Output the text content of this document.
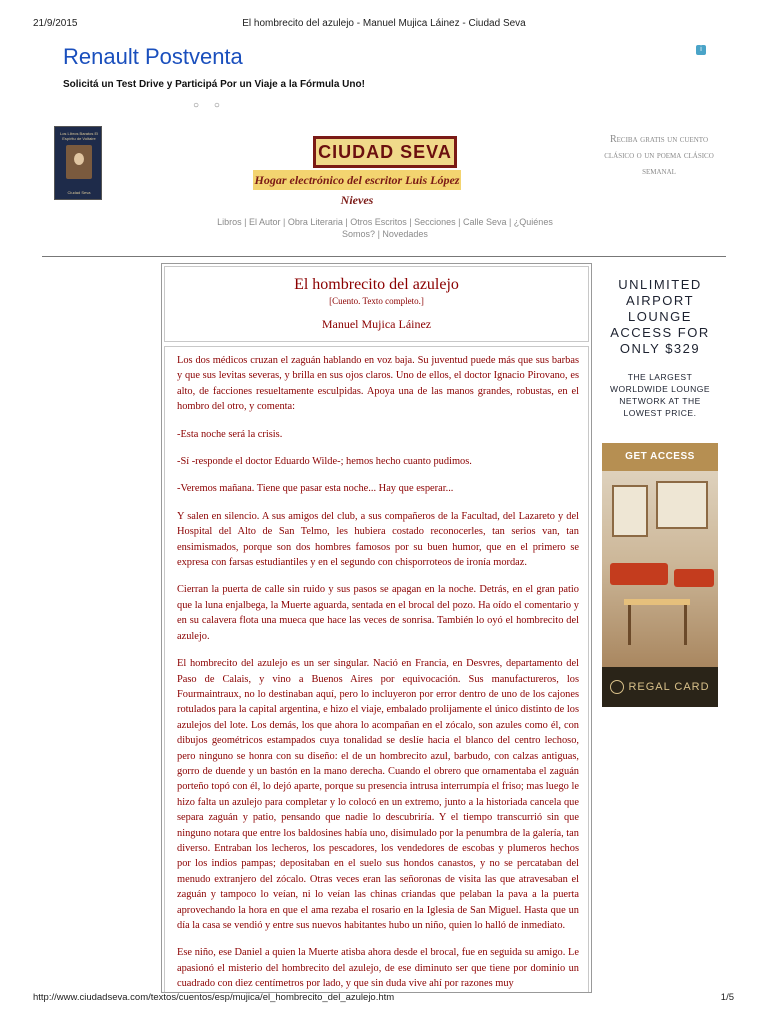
21/9/2015	El hombrecito del azulejo - Manuel Mujica Láinez - Ciudad Seva
Renault Postventa
Solicitá un Test Drive y Participá Por un Viaje a la Fórmula Uno!
○ ○
i
Los Libros Baratos El Espíritu de Voltaire
Ciudad Seva
CIUDAD SEVA
Hogar electrónico del escritor Luis López Nieves
Reciba gratis un cuento clásico o un poema clásico semanal
Libros | El Autor | Obra Literaria | Otros Escritos | Secciones | Calle Seva | ¿Quiénes Somos? | Novedades
El hombrecito del azulejo
[Cuento. Texto completo.]
Manuel Mujica Láinez

Los dos médicos cruzan el zaguán hablando en voz baja. Su juventud puede más que sus barbas y que sus levitas severas, y brilla en sus ojos claros. Uno de ellos, el doctor Ignacio Pirovano, es alto, de facciones resueltamente esculpidas. Apoya una de las manos grandes, robustas, en el hombro del otro, y comenta:

-Esta noche será la crisis.

-Sí -responde el doctor Eduardo Wilde-; hemos hecho cuanto pudimos.

-Veremos mañana. Tiene que pasar esta noche... Hay que esperar...

Y salen en silencio. A sus amigos del club, a sus compañeros de la Facultad, del Lazareto y del Hospital del Alto de San Telmo, les hubiera costado reconocerles, tan serios van, tan ensimismados, porque son dos hombres famosos por su buen humor, que en el primero se expresa con farsas estudiantiles y en el segundo con chisporroteos de ironía mordaz.

Cierran la puerta de calle sin ruido y sus pasos se apagan en la noche. Detrás, en el gran patio que la luna enjalbega, la Muerte aguarda, sentada en el brocal del pozo. Ha oído el comentario y en su calavera flota una mueca que hace las veces de sonrisa. También lo oyó el hombrecito del azulejo.

El hombrecito del azulejo es un ser singular. Nació en Francia, en Desvres, departamento del Paso de Calais, y vino a Buenos Aires por equivocación. Sus manufactureros, los Fourmaintraux, no lo destinaban aquí, pero lo incluyeron por error dentro de uno de los cajones rotulados para la capital argentina, e hizo el viaje, embalado prolijamente el único distinto de los azulejos del lote. Los demás, los que ahora lo acompañan en el zócalo, son azules como él, con dibujos geométricos estampados cuya tonalidad se deslíe hacia el blanco del centro lechoso, pero ninguno se honra con su diseño: el de un hombrecito azul, barbudo, con calzas antiguas, gorro de duende y un bastón en la mano derecha. Cuando el obrero que ornamentaba el zaguán porteño topó con él, lo dejó aparte, porque su presencia intrusa interrumpía el friso; mas luego le hizo falta un azulejo para completar y lo colocó en un extremo, junto a la historiada cancela que separa zaguán y patio, pensando que nadie lo descubriría. Y el tiempo transcurrió sin que ninguno notara que entre los baldosines había uno, disimulado por la penumbra de la galería, tan diverso. Entraban los lecheros, los pescadores, los vendedores de escobas y plumeros hechos por los indios pampas; depositaban en el suelo sus hondos canastos, y no se percataban del menudo extranjero del zócalo. Otras veces eran las señoronas de visita las que atravesaban el zaguán y tampoco lo veían, ni lo veían las chinas criandas que pelaban la pava a la puerta aprovechando la hora en que el ama rezaba el rosario en la Iglesia de San Miguel. Hasta que un día la casa se vendió y entre sus nuevos habitantes hubo un niño, quien lo halló de inmediato.

Ese niño, ese Daniel a quien la Muerte atisba ahora desde el brocal, fue en seguida su amigo. Le apasionó el misterio del hombrecito del azulejo, de ese diminuto ser que tiene por dominio un cuadrado con diez centímetros por lado, y que sin duda vive ahí por razones muy

UNLIMITED
AIRPORT
LOUNGE
ACCESS FOR
ONLY $329
THE LARGEST
WORLDWIDE LOUNGE
NETWORK AT THE
LOWEST PRICE.
GET ACCESS
REGAL CARD
http://www.ciudadseva.com/textos/cuentos/esp/mujica/el_hombrecito_del_azulejo.htm	1/5
